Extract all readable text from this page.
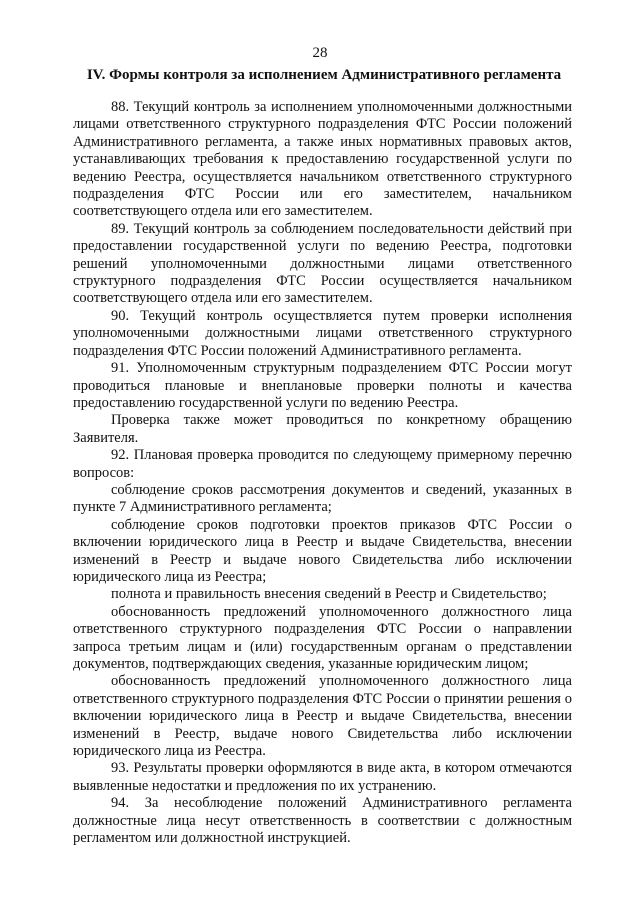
28
IV. Формы контроля за исполнением Административного регламента

88. Текущий контроль за исполнением уполномоченными должностными лицами ответственного структурного подразделения ФТС России положений Административного регламента, а также иных нормативных правовых актов, устанавливающих требования к предоставлению государственной услуги по ведению Реестра, осуществляется начальником ответственного структурного подразделения ФТС России или его заместителем, начальником соответствующего отдела или его заместителем.

89. Текущий контроль за соблюдением последовательности действий при предоставлении государственной услуги по ведению Реестра, подготовки решений уполномоченными должностными лицами ответственного структурного подразделения ФТС России осуществляется начальником соответствующего отдела или его заместителем.

90. Текущий контроль осуществляется путем проверки исполнения уполномоченными должностными лицами ответственного структурного подразделения ФТС России положений Административного регламента.

91. Уполномоченным структурным подразделением ФТС России могут проводиться плановые и внеплановые проверки полноты и качества предоставлению государственной услуги по ведению Реестра.

Проверка также может проводиться по конкретному обращению Заявителя.

92. Плановая проверка проводится по следующему примерному перечню вопросов:

соблюдение сроков рассмотрения документов и сведений, указанных в пункте 7 Административного регламента;

соблюдение сроков подготовки проектов приказов ФТС России о включении юридического лица в Реестр и выдаче Свидетельства, внесении изменений в Реестр и выдаче нового Свидетельства либо исключении юридического лица из Реестра;

полнота и правильность внесения сведений в Реестр и Свидетельство;

обоснованность предложений уполномоченного должностного лица ответственного структурного подразделения ФТС России о направлении запроса третьим лицам и (или) государственным органам о представлении документов, подтверждающих сведения, указанные юридическим лицом;

обоснованность предложений уполномоченного должностного лица ответственного структурного подразделения ФТС России о принятии решения о включении юридического лица в Реестр и выдаче Свидетельства, внесении изменений в Реестр, выдаче нового Свидетельства либо исключении юридического лица из Реестра.

93. Результаты проверки оформляются в виде акта, в котором отмечаются выявленные недостатки и предложения по их устранению.

94. За несоблюдение положений Административного регламента должностные лица несут ответственность в соответствии с должностным регламентом или должностной инструкцией.
